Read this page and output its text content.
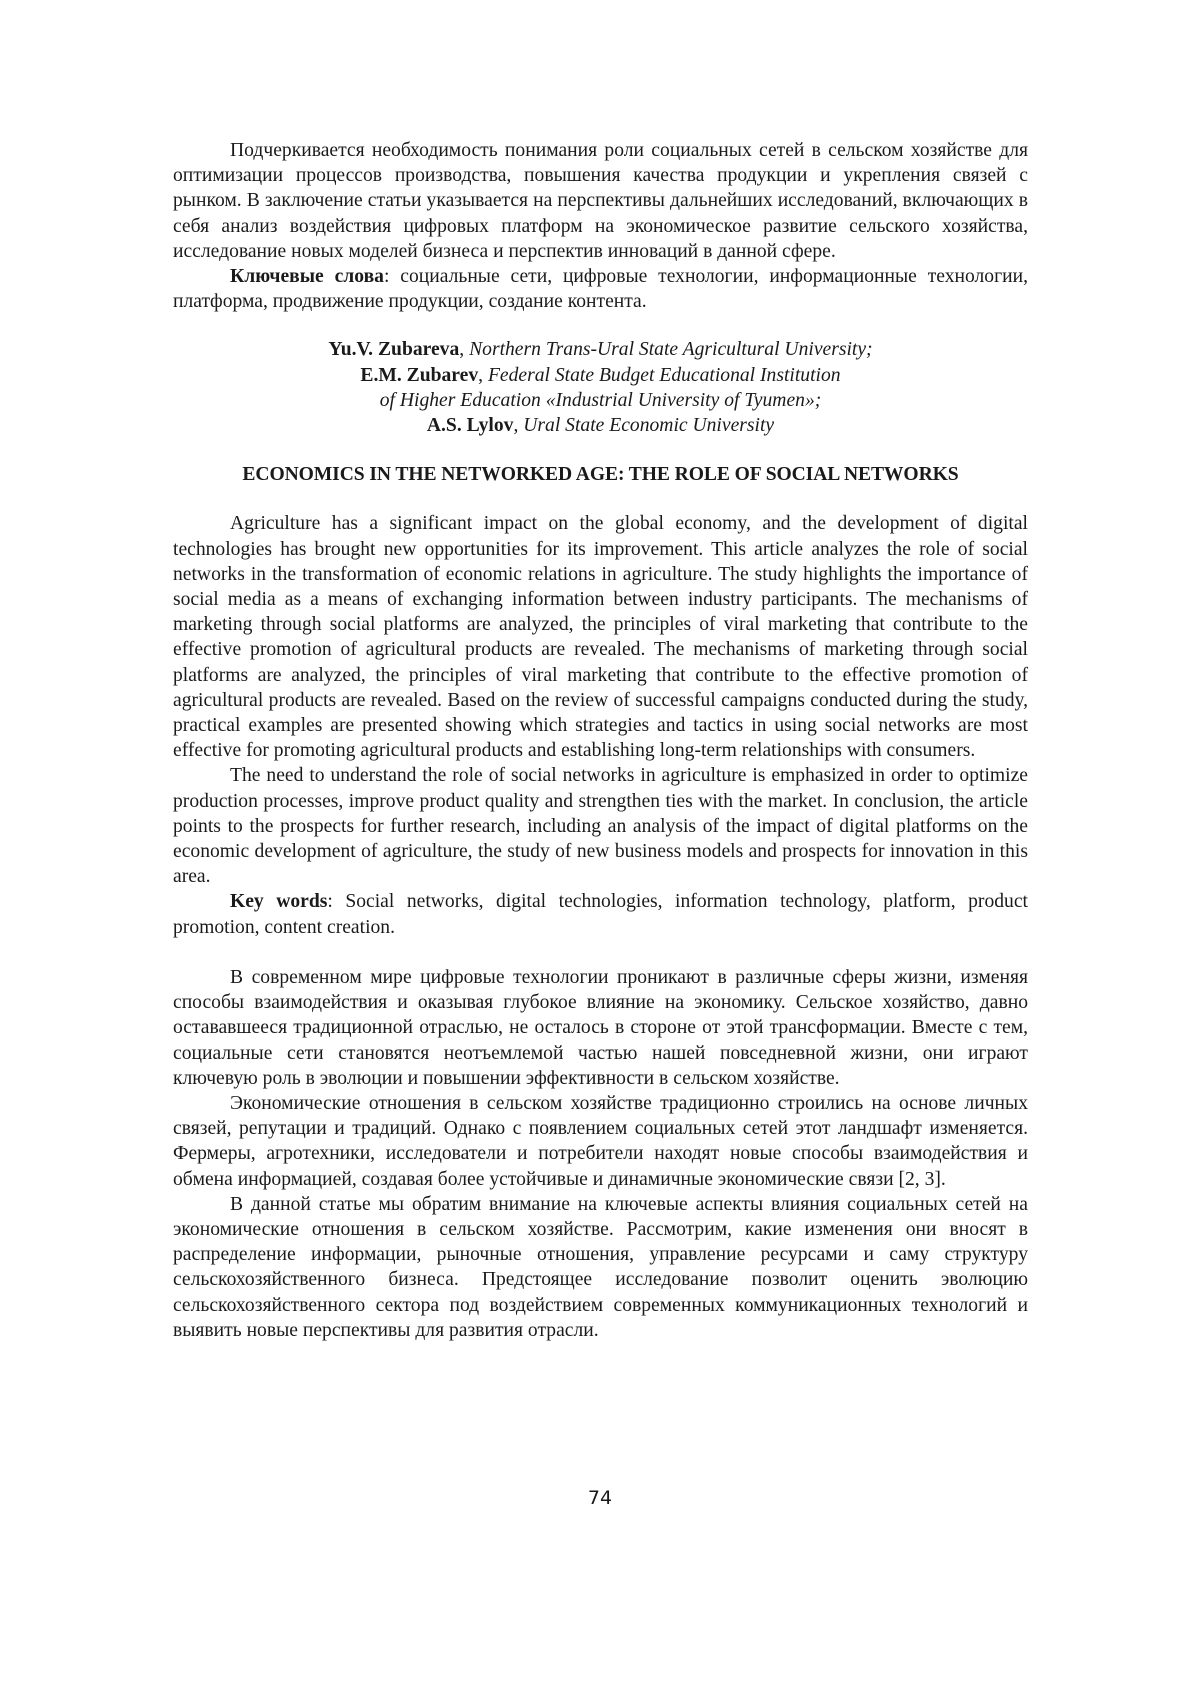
Подчеркивается необходимость понимания роли социальных сетей в сельском хозяйстве для оптимизации процессов производства, повышения качества продукции и укрепления связей с рынком. В заключение статьи указывается на перспективы дальнейших исследований, включающих в себя анализ воздействия цифровых платформ на экономическое развитие сельского хозяйства, исследование новых моделей бизнеса и перспектив инноваций в данной сфере.

Ключевые слова: социальные сети, цифровые технологии, информационные технологии, платформа, продвижение продукции, создание контента.

Yu.V. Zubareva, Northern Trans-Ural State Agricultural University;
E.M. Zubarev, Federal State Budget Educational Institution
of Higher Education «Industrial University of Tyumen»;
A.S. Lylov, Ural State Economic University
ECONOMICS IN THE NETWORKED AGE: THE ROLE OF SOCIAL NETWORKS

Agriculture has a significant impact on the global economy, and the development of digital technologies has brought new opportunities for its improvement. This article analyzes the role of social networks in the transformation of economic relations in agriculture. The study highlights the importance of social media as a means of exchanging information between industry participants. The mechanisms of marketing through social platforms are analyzed, the principles of viral marketing that contribute to the effective promotion of agricultural products are revealed. The mechanisms of marketing through social platforms are analyzed, the principles of viral marketing that contribute to the effective promotion of agricultural products are revealed. Based on the review of successful campaigns conducted during the study, practical examples are presented showing which strategies and tactics in using social networks are most effective for promoting agricultural products and establishing long-term relationships with consumers.

The need to understand the role of social networks in agriculture is emphasized in order to optimize production processes, improve product quality and strengthen ties with the market. In conclusion, the article points to the prospects for further research, including an analysis of the impact of digital platforms on the economic development of agriculture, the study of new business models and prospects for innovation in this area.

Key words: Social networks, digital technologies, information technology, platform, product promotion, content creation.

В современном мире цифровые технологии проникают в различные сферы жизни, изменяя способы взаимодействия и оказывая глубокое влияние на экономику. Сельское хозяйство, давно остававшееся традиционной отраслью, не осталось в стороне от этой трансформации. Вместе с тем, социальные сети становятся неотъемлемой частью нашей повседневной жизни, они играют ключевую роль в эволюции и повышении эффективности в сельском хозяйстве.

Экономические отношения в сельском хозяйстве традиционно строились на основе личных связей, репутации и традиций. Однако с появлением социальных сетей этот ландшафт изменяется. Фермеры, агротехники, исследователи и потребители находят новые способы взаимодействия и обмена информацией, создавая более устойчивые и динамичные экономические связи [2, 3].

В данной статье мы обратим внимание на ключевые аспекты влияния социальных сетей на экономические отношения в сельском хозяйстве. Рассмотрим, какие изменения они вносят в распределение информации, рыночные отношения, управление ресурсами и саму структуру сельскохозяйственного бизнеса. Предстоящее исследование позволит оценить эволюцию сельскохозяйственного сектора под воздействием современных коммуникационных технологий и выявить новые перспективы для развития отрасли.

74
